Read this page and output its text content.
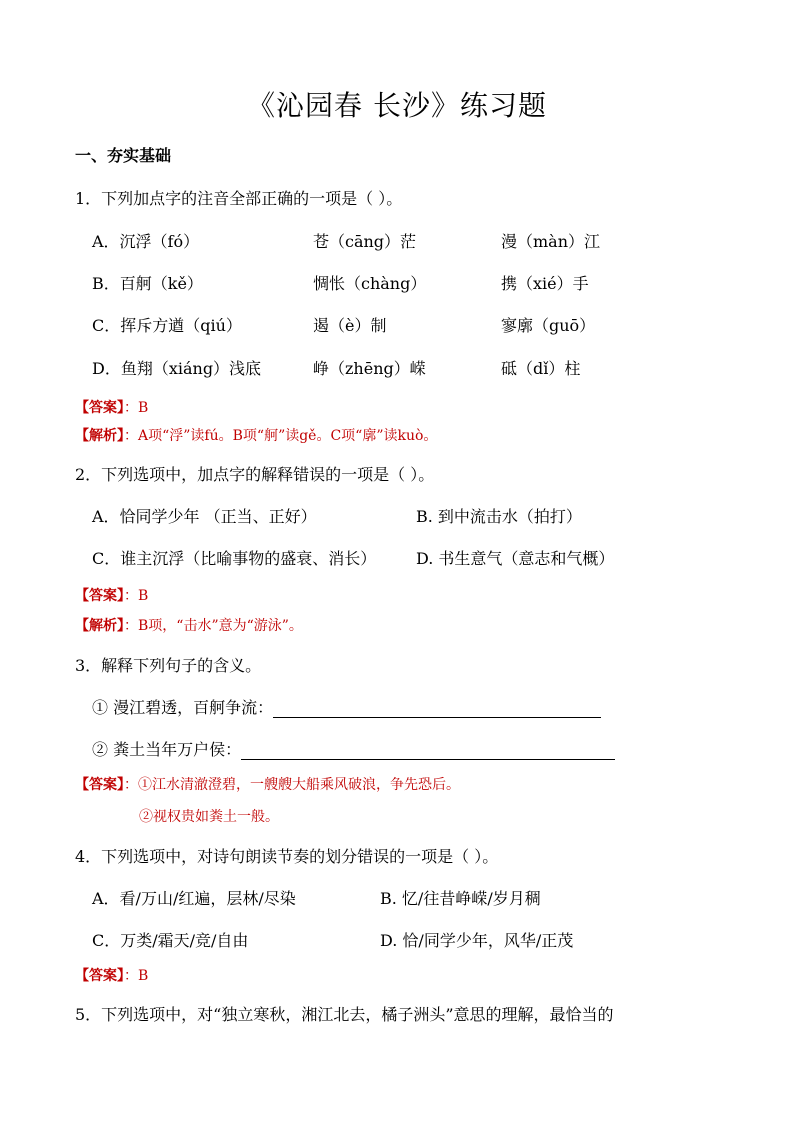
《沁园春 长沙》练习题
一、夯实基础
1．下列加点字的注音全部正确的一项是（ ）。
A．沉浮（fó）	苍（cāng）茫	漫（màn）江
B．百舸（kě）	惆怅（chàng）	携（xié）手
C．挥斥方遒（qiú）	遏（è）制	寥廓（guō）
D．鱼翔（xiáng）浅底	峥（zhēng）嵘	砥（dǐ）柱
【答案】：B
【解析】：A项“浮”读fú。B项“舸”读gě。C项“廓”读kuò。
2．下列选项中，加点字的解释错误的一项是（ ）。
A．恰同学少年 （正当、正好）	B. 到中流击水（拍打）
C．谁主沉浮（比喻事物的盛衰、消长） D. 书生意气（意志和气概）
【答案】：B
【解析】：B项，“击水”意为“游泳”。
3．解释下列句子的含义。
① 漫江碧透，百舸争流：
② 粪土当年万户侯：
【答案】：①江水清澈澄碧，一艘艘大船乘风破浪，争先恐后。
②视权贵如粪土一般。
4．下列选项中，对诗句朗读节奏的划分错误的一项是（ ）。
A．看/万山/红遍，层林/尽染	B. 忆/往昔峥嵘/岁月稠
C．万类/霜天/竞/自由	D. 恰/同学少年，风华/正茂
【答案】：B
5．下列选项中，对“独立寒秋，湘江北去，橘子洲头”意思的理解，最恰当的
